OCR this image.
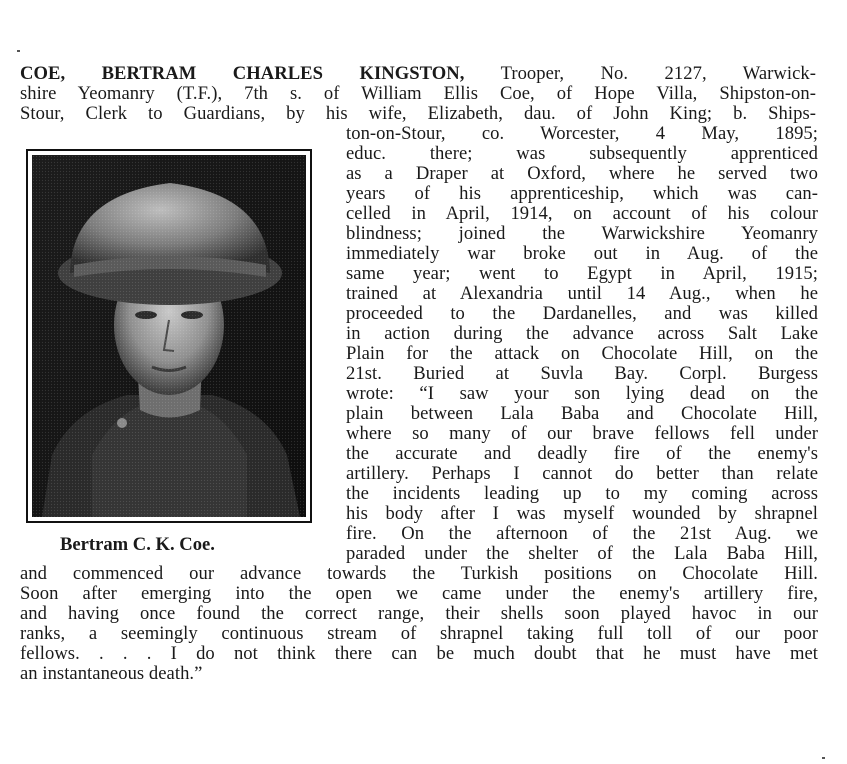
Bertram C. K. Coe.
COE, BERTRAM CHARLES KINGSTON, Trooper, No. 2127, Warwick-
shire Yeomanry (T.F.), 7th s. of William Ellis Coe, of Hope Villa, Shipston-on-
Stour, Clerk to Guardians, by his wife, Elizabeth, dau. of John King; b. Ships-
ton-on-Stour, co. Worcester, 4 May, 1895;
educ. there; was subsequently apprenticed
as a Draper at Oxford, where he served two
years of his apprenticeship, which was can-
celled in April, 1914, on account of his colour
blindness; joined the Warwickshire Yeomanry
immediately war broke out in Aug. of the
same year; went to Egypt in April, 1915;
trained at Alexandria until 14 Aug., when he
proceeded to the Dardanelles, and was killed
in action during the advance across Salt Lake
Plain for the attack on Chocolate Hill, on the
21st. Buried at Suvla Bay. Corpl. Burgess
wrote: “I saw your son lying dead on the
plain between Lala Baba and Chocolate Hill,
where so many of our brave fellows fell under
the accurate and deadly fire of the enemy's
artillery. Perhaps I cannot do better than relate
the incidents leading up to my coming across
his body after I was myself wounded by shrapnel
fire. On the afternoon of the 21st Aug. we
paraded under the shelter of the Lala Baba Hill,
and commenced our advance towards the Turkish positions on Chocolate Hill.
Soon after emerging into the open we came under the enemy's artillery fire,
and having once found the correct range, their shells soon played havoc in our
ranks, a seemingly continuous stream of shrapnel taking full toll of our poor
fellows. . . . I do not think there can be much doubt that he must have met
an instantaneous death.”
